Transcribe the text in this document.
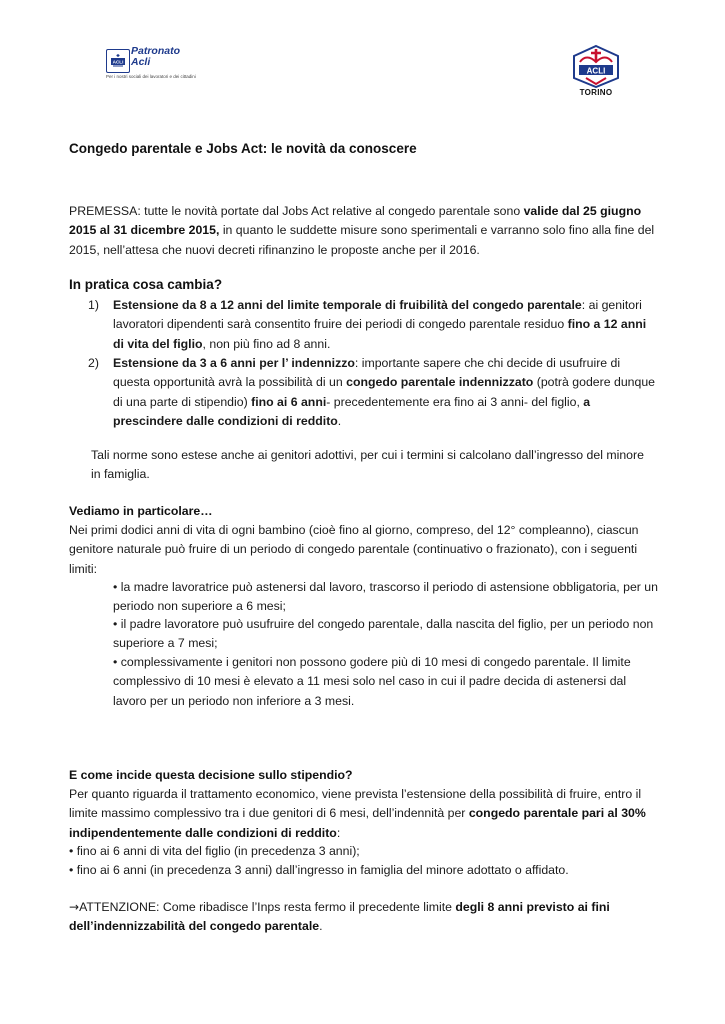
ACLI
Patronato
Acli
Per i nostri sociali dei lavoratori e dei cittadini
ACLI
TORINO
Congedo parentale e Jobs Act: le novità da conoscere
PREMESSA: tutte le novità portate dal Jobs Act relative al congedo parentale sono valide dal 25 giugno 2015 al 31 dicembre 2015, in quanto le suddette misure sono sperimentali e varranno solo fino alla fine del 2015, nell’attesa che nuovi decreti rifinanzino le proposte anche per il 2016.
In pratica cosa cambia?
1) Estensione da 8 a 12 anni del limite temporale di fruibilità del congedo parentale: ai genitori lavoratori dipendenti sarà consentito fruire dei periodi di congedo parentale residuo fino a 12 anni di vita del figlio, non più fino ad 8 anni.
2) Estensione da 3 a 6 anni per l’ indennizzo: importante sapere che chi decide di usufruire di questa opportunità avrà la possibilità di un congedo parentale indennizzato (potrà godere dunque di una parte di stipendio) fino ai 6 anni- precedentemente era fino ai 3 anni- del figlio, a prescindere dalle condizioni di reddito.
Tali norme sono estese anche ai genitori adottivi, per cui i termini si calcolano dall’ingresso del minore in famiglia.
Vediamo in particolare…
Nei primi dodici anni di vita di ogni bambino (cioè fino al giorno, compreso, del 12° compleanno), ciascun genitore naturale può fruire di un periodo di congedo parentale (continuativo o frazionato), con i seguenti limiti:
• la madre lavoratrice può astenersi dal lavoro, trascorso il periodo di astensione obbligatoria, per un periodo non superiore a 6 mesi;
• il padre lavoratore può usufruire del congedo parentale, dalla nascita del figlio, per un periodo non superiore a 7 mesi;
• complessivamente i genitori non possono godere più di 10 mesi di congedo parentale. Il limite complessivo di 10 mesi è elevato a 11 mesi solo nel caso in cui il padre decida di astenersi dal lavoro per un periodo non inferiore a 3 mesi.
E come incide questa decisione sullo stipendio?
Per quanto riguarda il trattamento economico, viene prevista l’estensione della possibilità di fruire, entro il limite massimo complessivo tra i due genitori di 6 mesi, dell’indennità per congedo parentale pari al 30% indipendentemente dalle condizioni di reddito:
• fino ai 6 anni di vita del figlio (in precedenza 3 anni);
• fino ai 6 anni (in precedenza 3 anni) dall’ingresso in famiglia del minore adottato o affidato.
→ATTENZIONE: Come ribadisce l’Inps resta fermo il precedente limite degli 8 anni previsto ai fini dell’indennizzabilità del congedo parentale.
